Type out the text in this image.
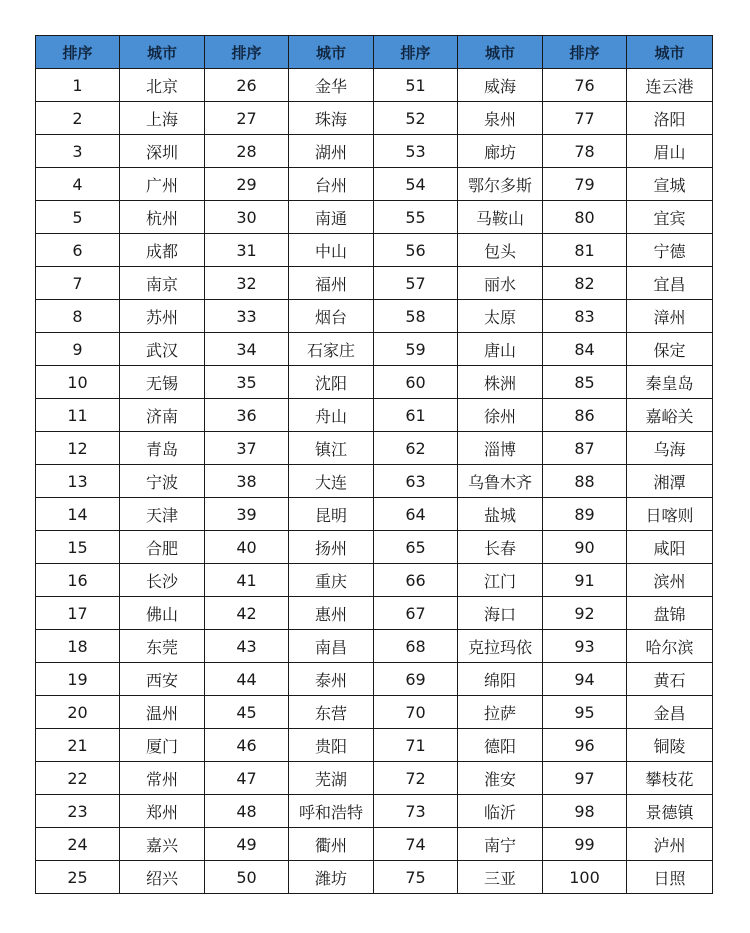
排序	城市	排序	城市	排序	城市	排序	城市
1	北京	26	金华	51	威海	76	连云港
2	上海	27	珠海	52	泉州	77	洛阳
3	深圳	28	湖州	53	廊坊	78	眉山
4	广州	29	台州	54	鄂尔多斯	79	宣城
5	杭州	30	南通	55	马鞍山	80	宜宾
6	成都	31	中山	56	包头	81	宁德
7	南京	32	福州	57	丽水	82	宜昌
8	苏州	33	烟台	58	太原	83	漳州
9	武汉	34	石家庄	59	唐山	84	保定
10	无锡	35	沈阳	60	株洲	85	秦皇岛
11	济南	36	舟山	61	徐州	86	嘉峪关
12	青岛	37	镇江	62	淄博	87	乌海
13	宁波	38	大连	63	乌鲁木齐	88	湘潭
14	天津	39	昆明	64	盐城	89	日喀则
15	合肥	40	扬州	65	长春	90	咸阳
16	长沙	41	重庆	66	江门	91	滨州
17	佛山	42	惠州	67	海口	92	盘锦
18	东莞	43	南昌	68	克拉玛依	93	哈尔滨
19	西安	44	泰州	69	绵阳	94	黄石
20	温州	45	东营	70	拉萨	95	金昌
21	厦门	46	贵阳	71	德阳	96	铜陵
22	常州	47	芜湖	72	淮安	97	攀枝花
23	郑州	48	呼和浩特	73	临沂	98	景德镇
24	嘉兴	49	衢州	74	南宁	99	泸州
25	绍兴	50	潍坊	75	三亚	100	日照
